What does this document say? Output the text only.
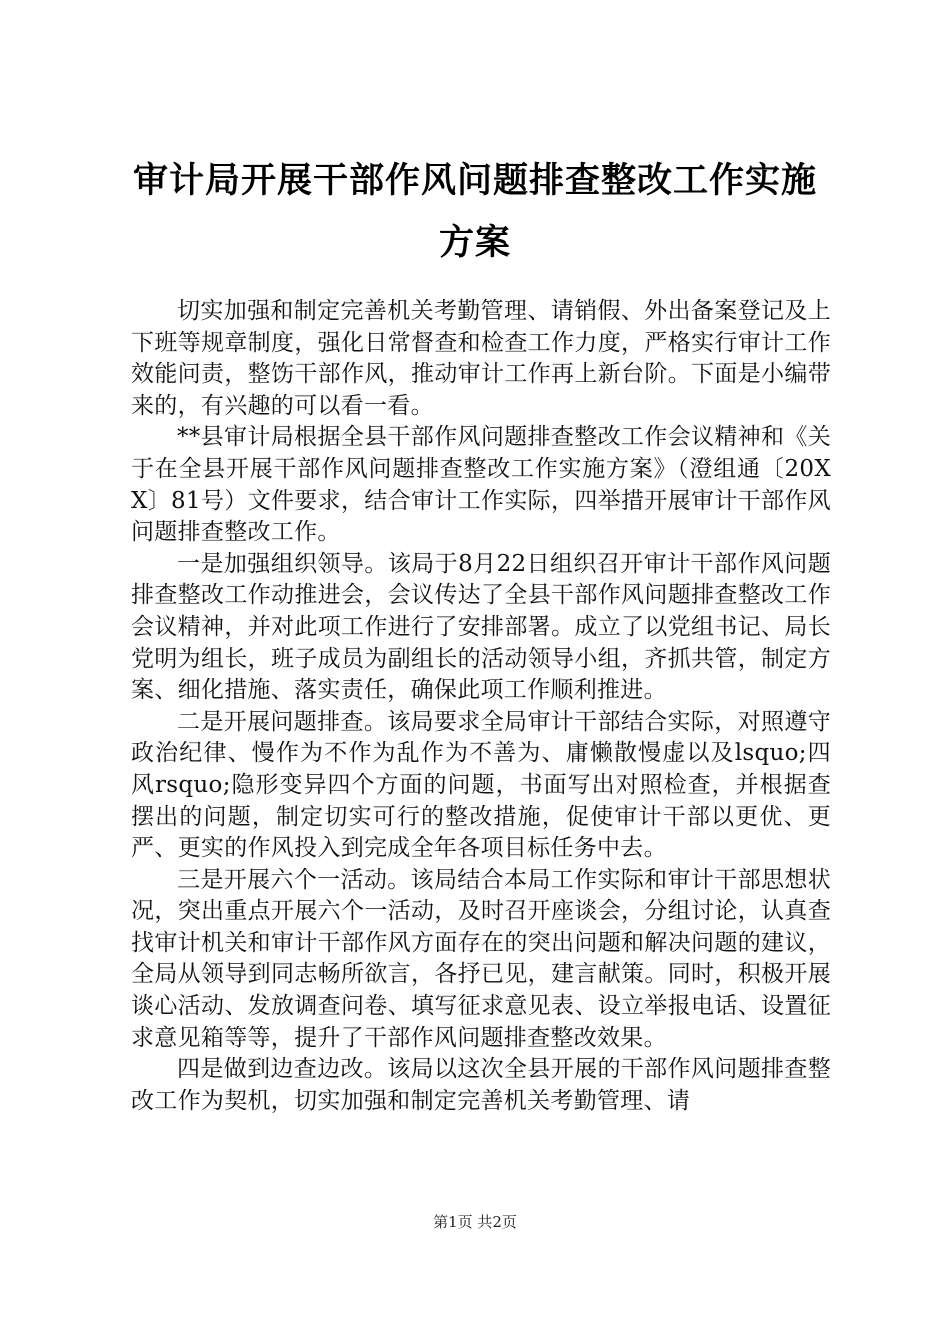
审计局开展干部作风问题排查整改工作实施方案

切实加强和制定完善机关考勤管理、请销假、外出备案登记及上下班等规章制度，强化日常督查和检查工作力度，严格实行审计工作效能问责，整饬干部作风，推动审计工作再上新台阶。下面是小编带来的，有兴趣的可以看一看。

**县审计局根据全县干部作风问题排查整改工作会议精神和《关于在全县开展干部作风问题排查整改工作实施方案》（澄组通〔20XX〕81号）文件要求，结合审计工作实际，四举措开展审计干部作风问题排查整改工作。

一是加强组织领导。该局于8月22日组织召开审计干部作风问题排查整改工作动推进会，会议传达了全县干部作风问题排查整改工作会议精神，并对此项工作进行了安排部署。成立了以党组书记、局长党明为组长，班子成员为副组长的活动领导小组，齐抓共管，制定方案、细化措施、落实责任，确保此项工作顺利推进。

二是开展问题排查。该局要求全局审计干部结合实际，对照遵守政治纪律、慢作为不作为乱作为不善为、庸懒散慢虚以及lsquo;四风rsquo;隐形变异四个方面的问题，书面写出对照检查，并根据查摆出的问题，制定切实可行的整改措施，促使审计干部以更优、更严、更实的作风投入到完成全年各项目标任务中去。

三是开展六个一活动。该局结合本局工作实际和审计干部思想状况，突出重点开展六个一活动，及时召开座谈会，分组讨论，认真查找审计机关和审计干部作风方面存在的突出问题和解决问题的建议，全局从领导到同志畅所欲言，各抒已见，建言献策。同时，积极开展谈心活动、发放调查问卷、填写征求意见表、设立举报电话、设置征求意见箱等等，提升了干部作风问题排查整改效果。

四是做到边查边改。该局以这次全县开展的干部作风问题排查整改工作为契机，切实加强和制定完善机关考勤管理、请

第1页 共2页
